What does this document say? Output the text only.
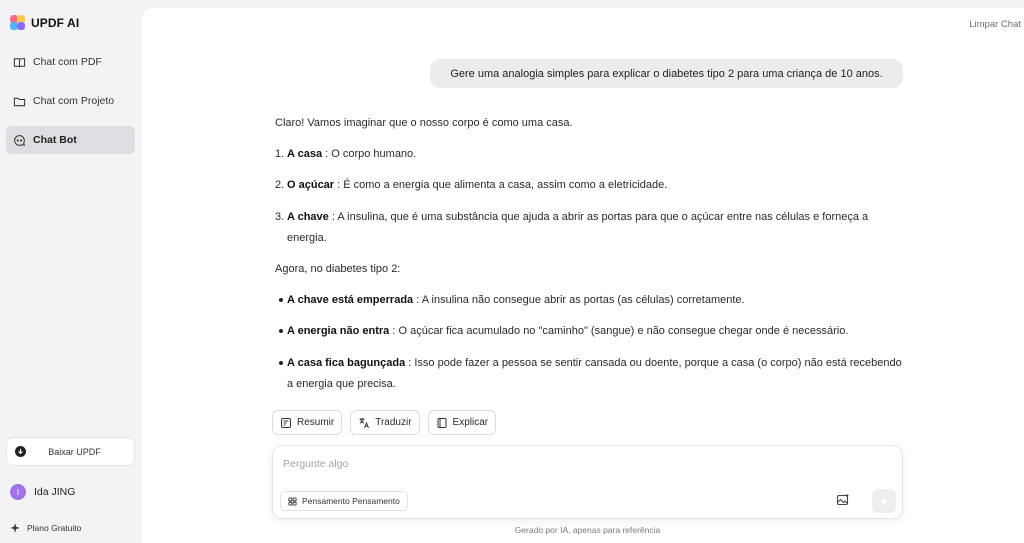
UPDF AI
Chat com PDF
Chat com Projeto
Chat Bot
Baixar UPDF
I	Ida JING
Plano Gratuito
Limpar Chat
Gere uma analogia simples para explicar o diabetes tipo 2 para uma criança de 10 anos.

Claro! Vamos imaginar que o nosso corpo é como uma casa.

1. A casa : O corpo humano.
2. O açúcar : É como a energia que alimenta a casa, assim como a eletricidade.
3. A chave : A insulina, que é uma substância que ajuda a abrir as portas para que o açúcar entre nas células e forneça a energia.

Agora, no diabetes tipo 2:

A chave está emperrada : A insulina não consegue abrir as portas (as células) corretamente.
A energia não entra : O açúcar fica acumulado no "caminho" (sangue) e não consegue chegar onde é necessário.
A casa fica bagunçada : Isso pode fazer a pessoa se sentir cansada ou doente, porque a casa (o corpo) não está recebendo a energia que precisa.
Resumir	Traduzir	Explicar
Pergunte algo
Pensamento Pensamento
Gerado por IA, apenas para referência
